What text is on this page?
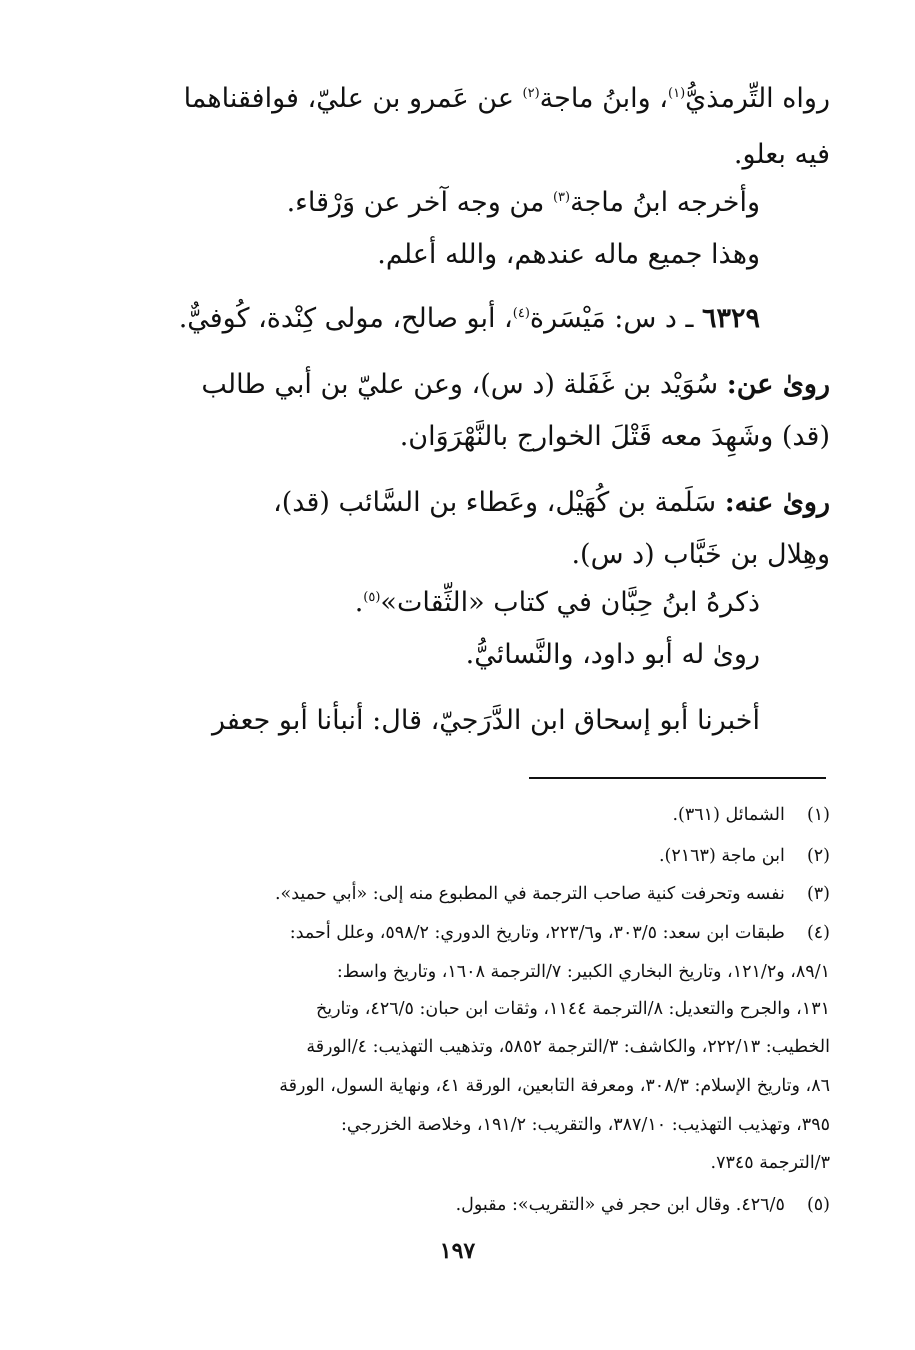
رواه التِّرمذيُّ$^{(١)}$، وابنُ ماجة$^{(٢)}$ عن عَمرو بن عليّ، فوافقناهما
فيه بعلو.
وأخرجه ابنُ ماجة$^{(٣)}$ من وجه آخر عن وَرْقاء.
وهذا جميع ماله عندهم، والله أعلم.
٦٣٢٩ ـ د س: مَيْسَرة$^{(٤)}$، أبو صالح، مولى كِنْدة، كُوفيٌّ.
روىٰ عن: سُوَيْد بن غَفَلة (د س)، وعن عليّ بن أبي طالب
(قد) وشَهِدَ معه قَتْلَ الخوارج بالنَّهْرَوَان.
روىٰ عنه: سَلَمة بن كُهَيْل، وعَطاء بن السَّائب (قد)،
وهِلال بن خَبَّاب (د س).
ذكرهُ ابنُ حِبَّان في كتاب «الثِّقات»$^{(٥)}$.
روىٰ له أبو داود، والنَّسائيُّ.
أخبرنا أبو إسحاق ابن الدَّرَجيّ، قال: أنبأنا أبو جعفر
(١)  الشمائل (٣٦١).
(٢)  ابن ماجة (٢١٦٣).
(٣)  نفسه وتحرفت كنية صاحب الترجمة في المطبوع منه إلى: «أبي حميد».
(٤)  طبقات ابن سعد: ٣٠٣/٥، و٢٢٣/٦، وتاريخ الدوري: ٥٩٨/٢، وعلل أحمد:
٨٩/١، و١٢١/٢، وتاريخ البخاري الكبير: ٧/الترجمة ١٦٠٨، وتاريخ واسط:
١٣١، والجرح والتعديل: ٨/الترجمة ١١٤٤، وثقات ابن حبان: ٤٢٦/٥، وتاريخ
الخطيب: ٢٢٢/١٣، والكاشف: ٣/الترجمة ٥٨٥٢، وتذهيب التهذيب: ٤/الورقة
٨٦، وتاريخ الإسلام: ٣٠٨/٣، ومعرفة التابعين، الورقة ٤١، ونهاية السول، الورقة
٣٩٥، وتهذيب التهذيب: ٣٨٧/١٠، والتقريب: ١٩١/٢، وخلاصة الخزرجي:
٣/الترجمة ٧٣٤٥.
(٥)  ٤٢٦/٥. وقال ابن حجر في «التقريب»: مقبول.
١٩٧
